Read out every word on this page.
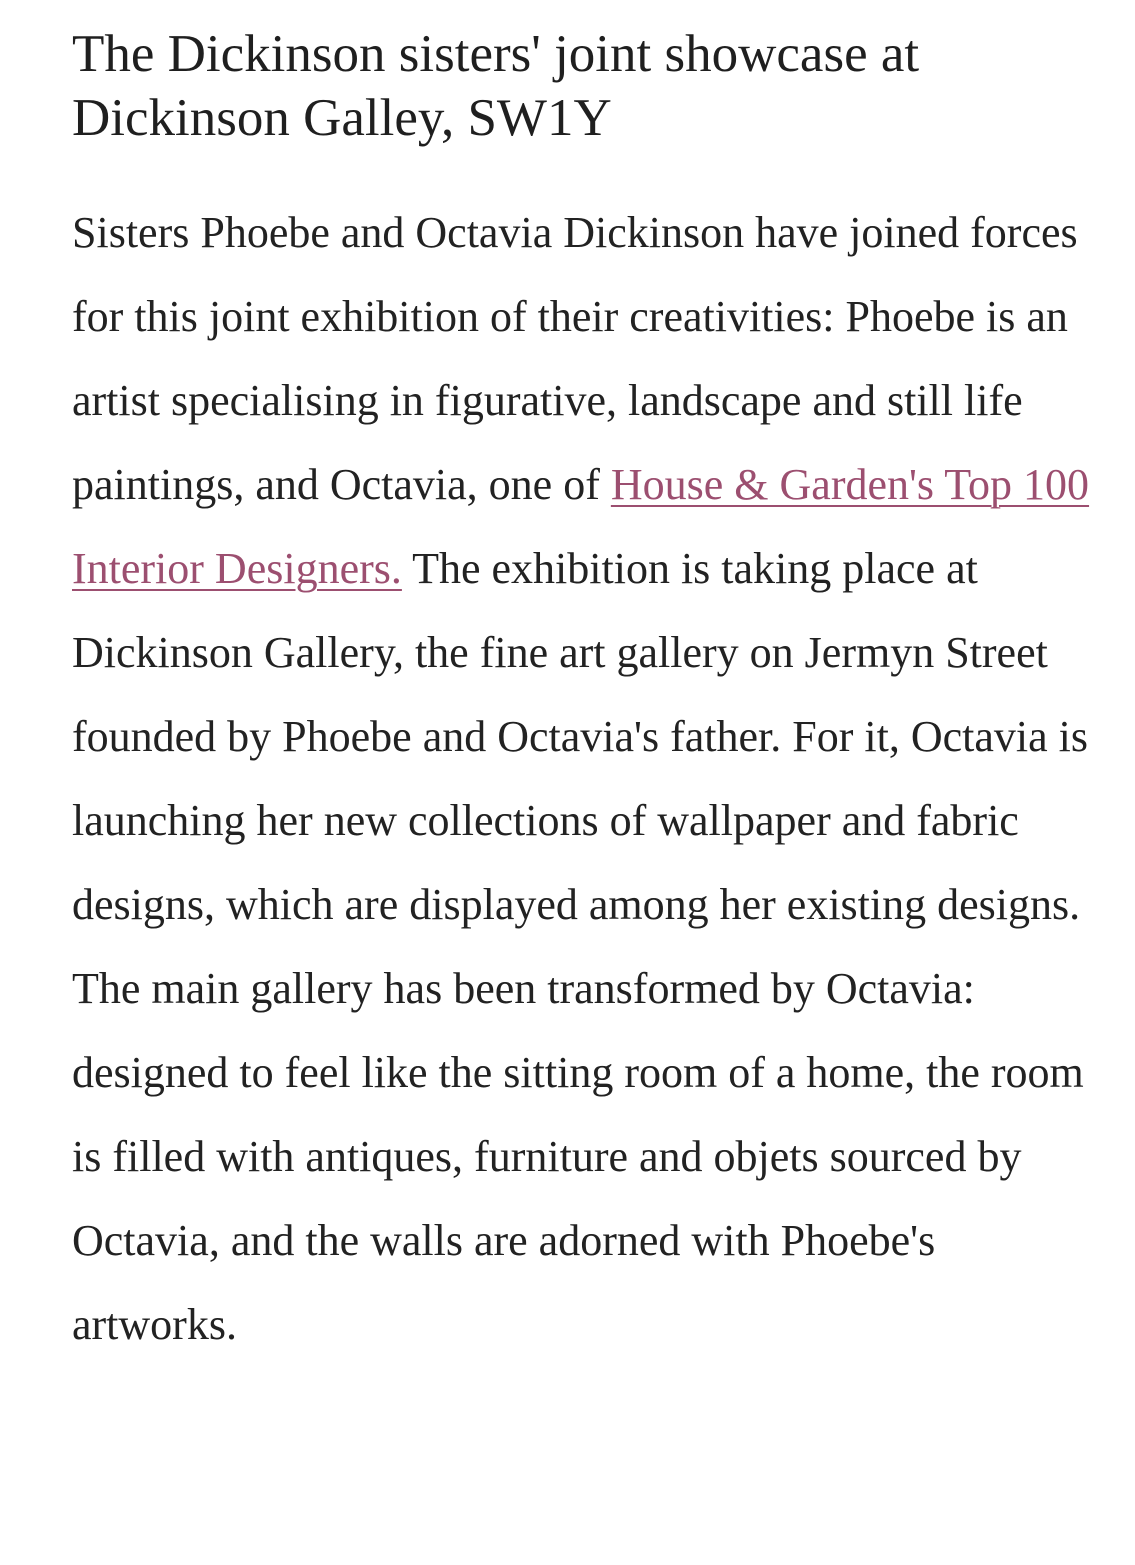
The Dickinson sisters' joint showcase at Dickinson Galley, SW1Y

Sisters Phoebe and Octavia Dickinson have joined forces for this joint exhibition of their creativities: Phoebe is an artist specialising in figurative, landscape and still life paintings, and Octavia, one of House & Garden's Top 100 Interior Designers. The exhibition is taking place at Dickinson Gallery, the fine art gallery on Jermyn Street founded by Phoebe and Octavia's father. For it, Octavia is launching her new collections of wallpaper and fabric designs, which are displayed among her existing designs. The main gallery has been transformed by Octavia: designed to feel like the sitting room of a home, the room is filled with antiques, furniture and objets sourced by Octavia, and the walls are adorned with Phoebe's artworks.
